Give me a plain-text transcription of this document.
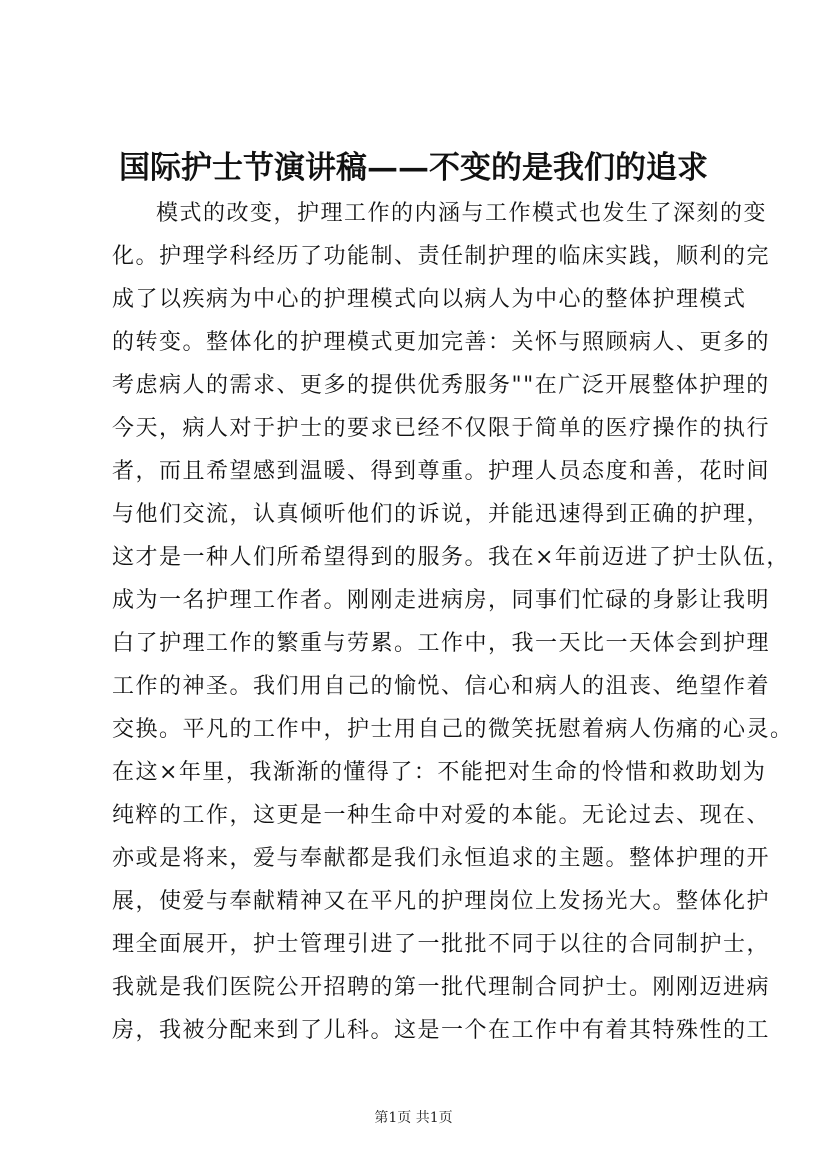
国际护士节演讲稿——不变的是我们的追求
模式的改变，护理工作的内涵与工作模式也发生了深刻的变
化。护理学科经历了功能制、责任制护理的临床实践，顺利的完
成了以疾病为中心的护理模式向以病人为中心的整体护理模式
的转变。整体化的护理模式更加完善：关怀与照顾病人、更多的
考虑病人的需求、更多的提供优秀服务""在广泛开展整体护理的
今天，病人对于护士的要求已经不仅限于简单的医疗操作的执行
者，而且希望感到温暖、得到尊重。护理人员态度和善，花时间
与他们交流，认真倾听他们的诉说，并能迅速得到正确的护理，
这才是一种人们所希望得到的服务。我在×年前迈进了护士队伍，
成为一名护理工作者。刚刚走进病房，同事们忙碌的身影让我明
白了护理工作的繁重与劳累。工作中，我一天比一天体会到护理
工作的神圣。我们用自己的愉悦、信心和病人的沮丧、绝望作着
交换。平凡的工作中，护士用自己的微笑抚慰着病人伤痛的心灵。
在这×年里，我渐渐的懂得了：不能把对生命的怜惜和救助划为
纯粹的工作，这更是一种生命中对爱的本能。无论过去、现在、
亦或是将来，爱与奉献都是我们永恒追求的主题。整体护理的开
展，使爱与奉献精神又在平凡的护理岗位上发扬光大。整体化护
理全面展开，护士管理引进了一批批不同于以往的合同制护士，
我就是我们医院公开招聘的第一批代理制合同护士。刚刚迈进病
房，我被分配来到了儿科。这是一个在工作中有着其特殊性的工
第1页 共1页
